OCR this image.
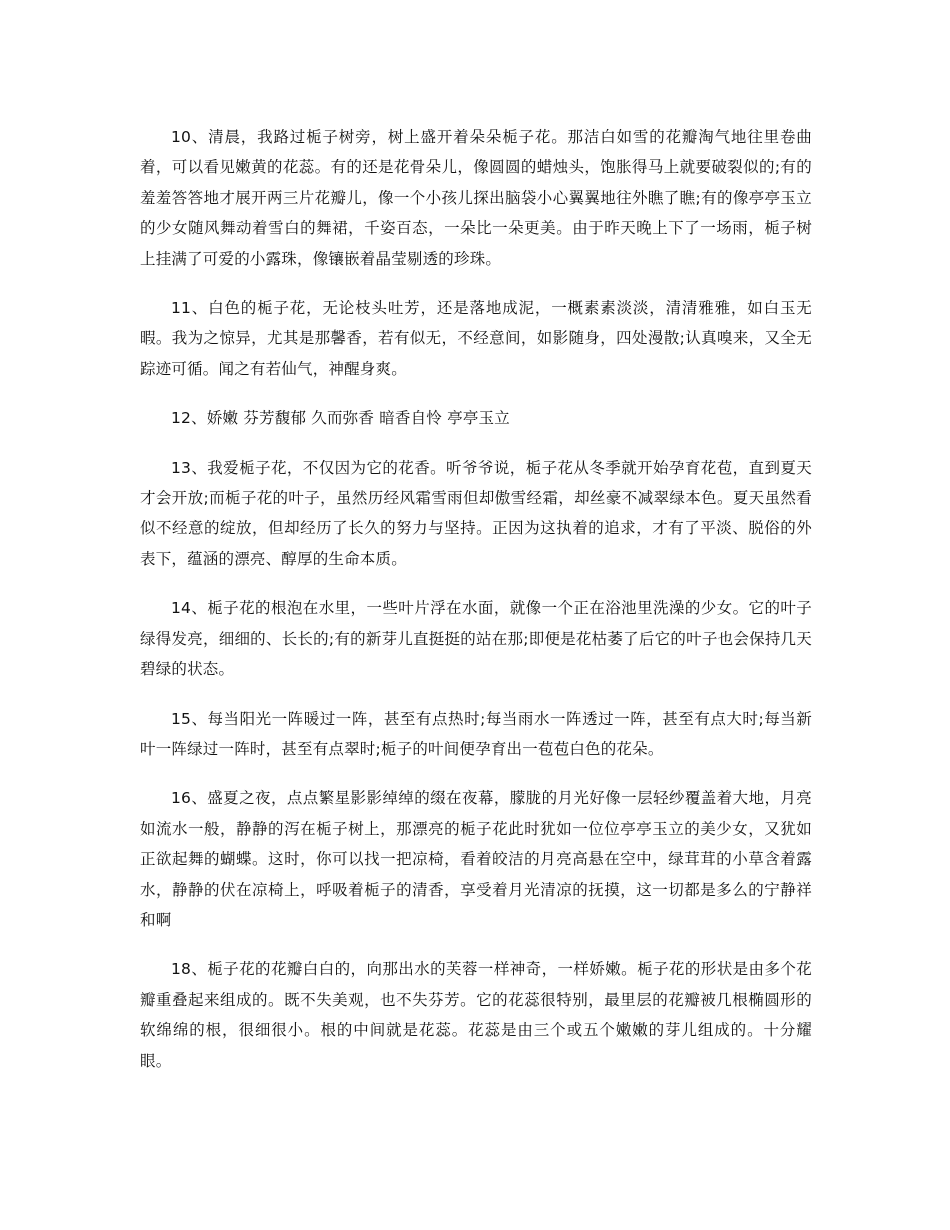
10、清晨，我路过栀子树旁，树上盛开着朵朵栀子花。那洁白如雪的花瓣淘气地往里卷曲着，可以看见嫩黄的花蕊。有的还是花骨朵儿，像圆圆的蜡烛头，饱胀得马上就要破裂似的;有的羞羞答答地才展开两三片花瓣儿，像一个小孩儿探出脑袋小心翼翼地往外瞧了瞧;有的像亭亭玉立的少女随风舞动着雪白的舞裙，千姿百态，一朵比一朵更美。由于昨天晚上下了一场雨，栀子树上挂满了可爱的小露珠，像镶嵌着晶莹剔透的珍珠。

11、白色的栀子花，无论枝头吐芳，还是落地成泥，一概素素淡淡，清清雅雅，如白玉无暇。我为之惊异，尤其是那馨香，若有似无，不经意间，如影随身，四处漫散;认真嗅来，又全无踪迹可循。闻之有若仙气，神醒身爽。

12、娇嫩 芬芳馥郁 久而弥香 暗香自怜 亭亭玉立

13、我爱栀子花，不仅因为它的花香。听爷爷说，栀子花从冬季就开始孕育花苞，直到夏天才会开放;而栀子花的叶子，虽然历经风霜雪雨但却傲雪经霜，却丝豪不减翠绿本色。夏天虽然看似不经意的绽放，但却经历了长久的努力与坚持。正因为这执着的追求，才有了平淡、脱俗的外表下，蕴涵的漂亮、醇厚的生命本质。

14、栀子花的根泡在水里，一些叶片浮在水面，就像一个正在浴池里洗澡的少女。它的叶子绿得发亮，细细的、长长的;有的新芽儿直挺挺的站在那;即便是花枯萎了后它的叶子也会保持几天碧绿的状态。

15、每当阳光一阵暖过一阵，甚至有点热时;每当雨水一阵透过一阵，甚至有点大时;每当新叶一阵绿过一阵时，甚至有点翠时;栀子的叶间便孕育出一苞苞白色的花朵。

16、盛夏之夜，点点繁星影影绰绰的缀在夜幕，朦胧的月光好像一层轻纱覆盖着大地，月亮如流水一般，静静的泻在栀子树上，那漂亮的栀子花此时犹如一位位亭亭玉立的美少女，又犹如正欲起舞的蝴蝶。这时，你可以找一把凉椅，看着皎洁的月亮高悬在空中，绿茸茸的小草含着露水，静静的伏在凉椅上，呼吸着栀子的清香，享受着月光清凉的抚摸，这一切都是多么的宁静祥和啊

18、栀子花的花瓣白白的，向那出水的芙蓉一样神奇，一样娇嫩。栀子花的形状是由多个花瓣重叠起来组成的。既不失美观，也不失芬芳。它的花蕊很特别，最里层的花瓣被几根椭圆形的软绵绵的根，很细很小。根的中间就是花蕊。花蕊是由三个或五个嫩嫩的芽儿组成的。十分耀眼。
